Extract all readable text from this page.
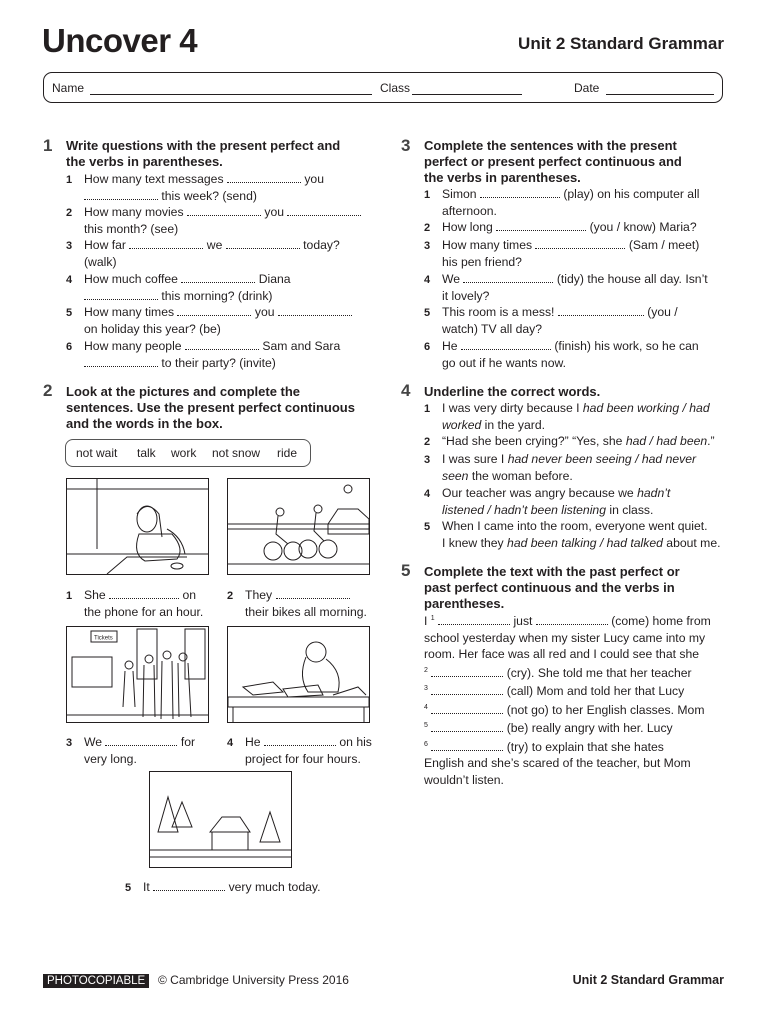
Uncover 4	Unit 2 Standard Grammar
Name	Class	Date
1 Write questions with the present perfect and
the verbs in parentheses.
1 How many text messages	you
this week? (send)
2 How many movies	you
this month? (see)
3 How far	we	today?
(walk)
4 How much coffee	Diana
this morning? (drink)
5 How many times	you
on holiday this year? (be)
6 How many people	Sam and Sara
to their party? (invite)
2 Look at the pictures and complete the
sentences. Use the present perfect continuous
and the words in the box.
not wait talk work not snow ride
1 She	on
the phone for an hour.
2 They
their bikes all morning.
Tickets
3 We	for
very long.
4 He	on his
project for four hours.
5 It	very much today.
3 Complete the sentences with the present
perfect or present perfect continuous and
the verbs in parentheses.
1 Simon	(play) on his computer all
afternoon.
2 How long	(you / know) Maria?
3 How many times	(Sam / meet)
his pen friend?
4 We	(tidy) the house all day. Isn’t
it lovely?
5 This room is a mess!	(you /
watch) TV all day?
6 He	(finish) his work, so he can
go out if he wants now.
4 Underline the correct words.
1 I was very dirty because I had been working / had
worked in the yard.
2 “Had she been crying?” “Yes, she had / had been.”
3 I was sure I had never been seeing / had never
seen the woman before.
4 Our teacher was angry because we hadn’t
listened / hadn’t been listening in class.
5 When I came into the room, everyone went quiet.
I knew they had been talking / had talked about me.
5 Complete the text with the past perfect or
past perfect continuous and the verbs in
parentheses.
I $^1$	just	(come) home from
school yesterday when my sister Lucy came into my
room. Her face was all red and I could see that she
$^2$	(cry). She told me that her teacher
$^3$	(call) Mom and told her that Lucy
$^4$	(not go) to her English classes. Mom
$^5$	(be) really angry with her. Lucy
$^6$	(try) to explain that she hates
English and she’s scared of the teacher, but Mom
wouldn’t listen.
PHOTOCOPIABLE	© Cambridge University Press 2016	Unit 2 Standard Grammar
